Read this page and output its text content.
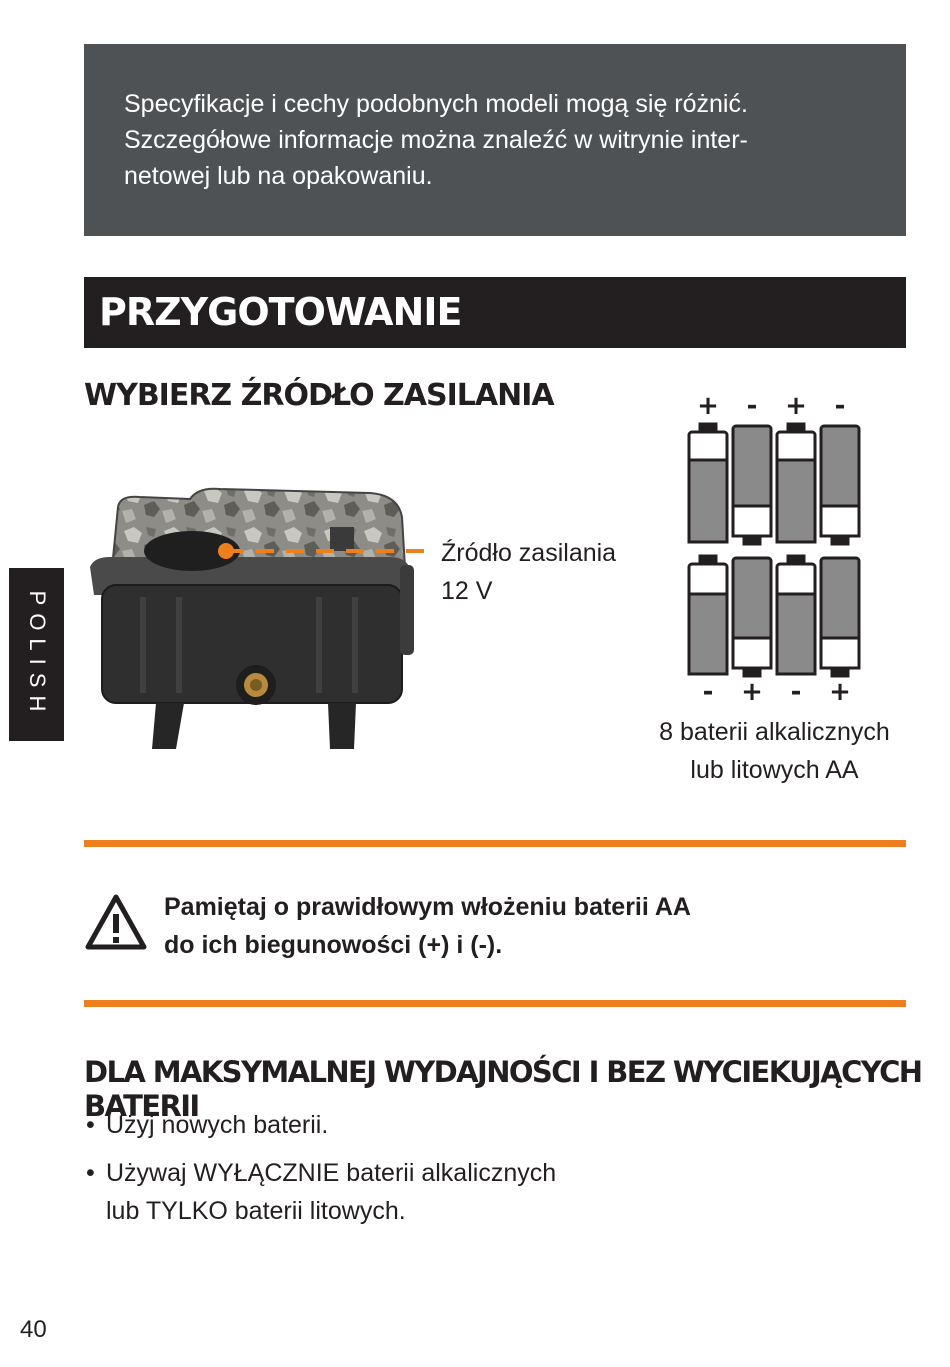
Specyfikacje i cechy podobnych modeli mogą się różnić.
Szczegółowe informacje można znaleźć w witrynie inter-
netowej lub na opakowaniu.
PRZYGOTOWANIE
WYBIERZ ŹRÓDŁO ZASILANIA
Źródło zasilania
12 V
+ - + -
- + - +
8 baterii alkalicznych
lub litowych AA
Pamiętaj o prawidłowym włożeniu baterii AA
do ich biegunowości (+) i (-).
DLA MAKSYMALNEJ WYDAJNOŚCI I BEZ WYCIEKUJĄCYCH BATERII
• Użyj nowych baterii.
• Używaj WYŁĄCZNIE baterii alkalicznych
lub TYLKO baterii litowych.
POLISH
40
